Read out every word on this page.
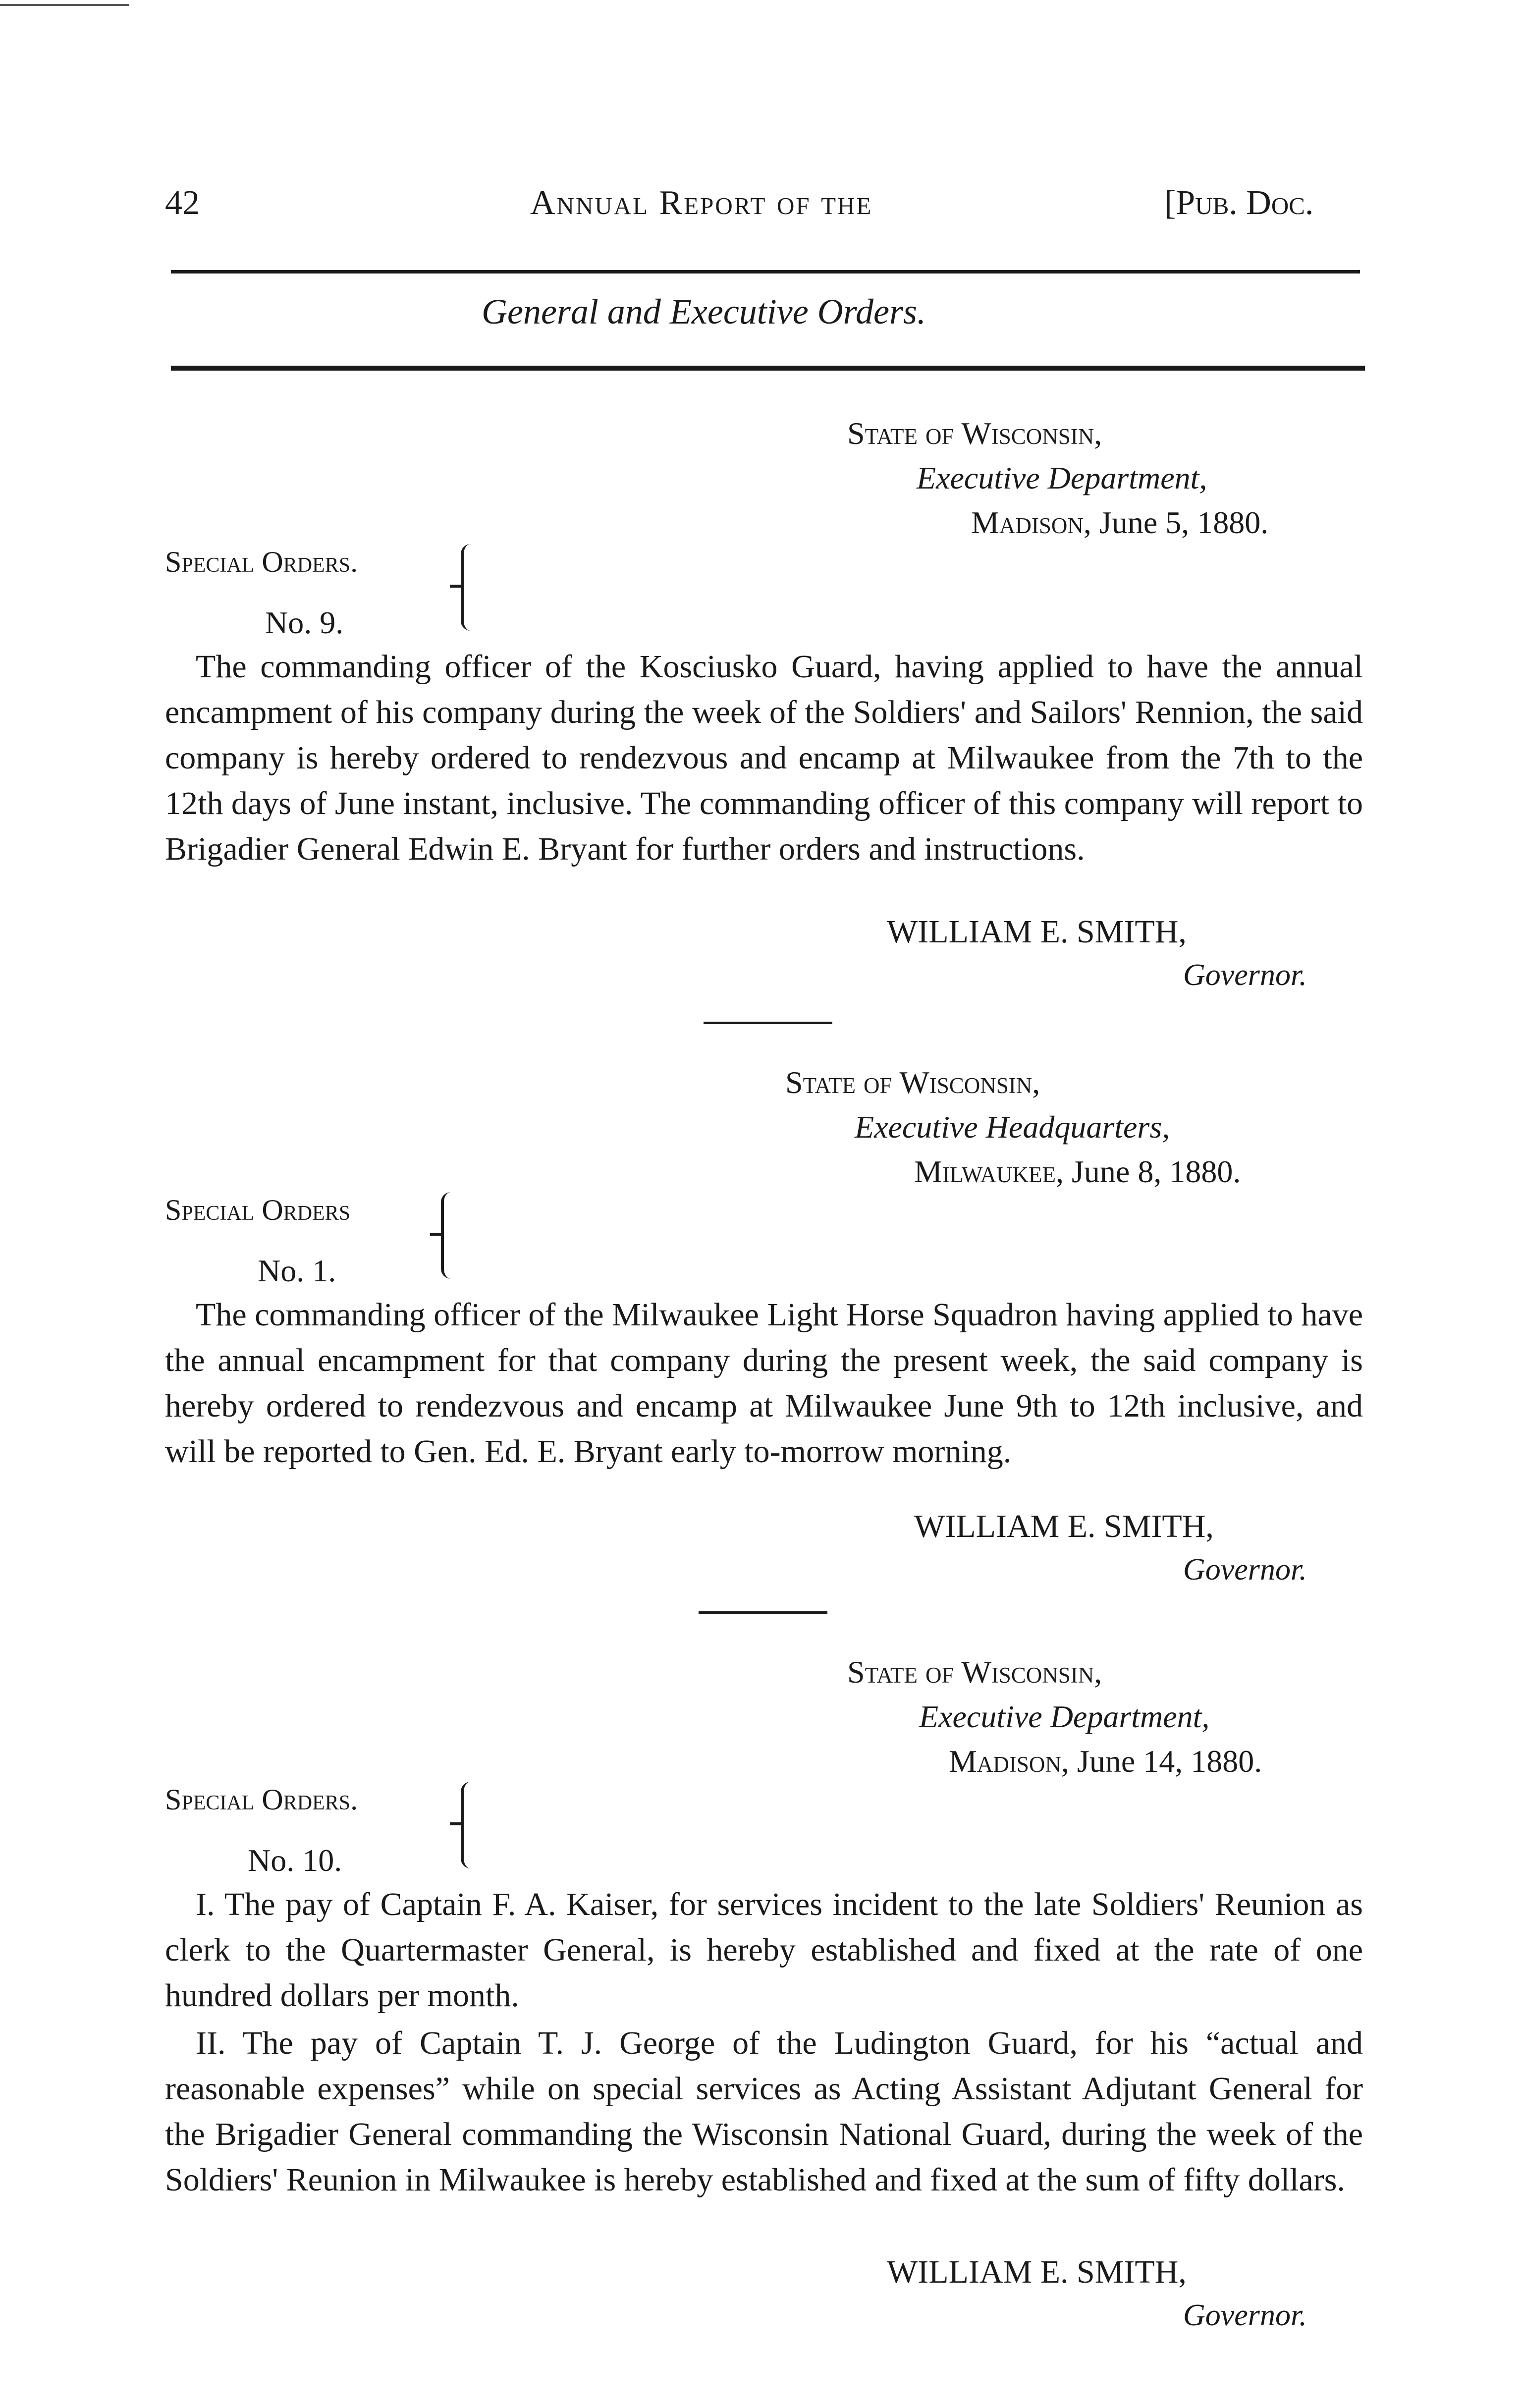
42	Annual Report of the	[Pub. Doc.
General and Executive Orders.
State of Wisconsin,
Executive Department,
Madison, June 5, 1880.
Special Orders.
No. 9.
The commanding officer of the Kosciusko Guard, having applied to have the annual encampment of his company during the week of the Soldiers' and Sailors' Rennion, the said company is hereby ordered to rendezvous and encamp at Milwaukee from the 7th to the 12th days of June instant, inclusive. The commanding officer of this company will report to Brigadier General Edwin E. Bryant for further orders and instructions.
WILLIAM E. SMITH,
Governor.
State of Wisconsin,
Executive Headquarters,
Milwaukee, June 8, 1880.
Special Orders
No. 1.
The commanding officer of the Milwaukee Light Horse Squadron having applied to have the annual encampment for that company during the present week, the said company is hereby ordered to rendezvous and encamp at Milwaukee June 9th to 12th inclusive, and will be reported to Gen. Ed. E. Bryant early to-morrow morning.
WILLIAM E. SMITH,
Governor.
State of Wisconsin,
Executive Department,
Madison, June 14, 1880.
Special Orders.
No. 10.
I. The pay of Captain F. A. Kaiser, for services incident to the late Soldiers' Reunion as clerk to the Quartermaster General, is hereby established and fixed at the rate of one hundred dollars per month.
II. The pay of Captain T. J. George of the Ludington Guard, for his “actual and reasonable expenses” while on special services as Acting Assistant Adjutant General for the Brigadier General commanding the Wisconsin National Guard, during the week of the Soldiers' Reunion in Milwaukee is hereby established and fixed at the sum of fifty dollars.
WILLIAM E. SMITH,
Governor.
